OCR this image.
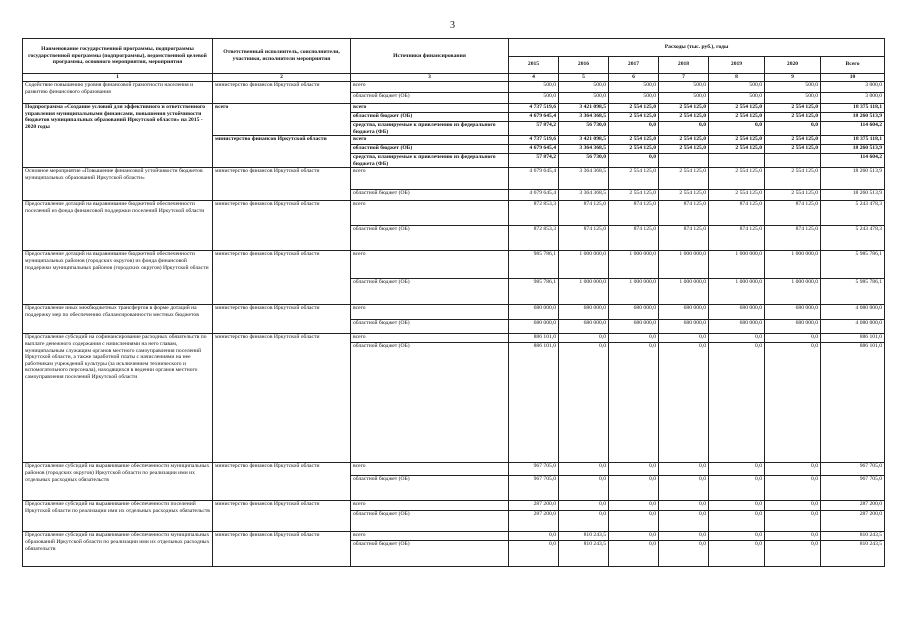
3
Наименование государственной программы, подпрограммы государственной программы (подпрограммы), ведомственной целевой программы, основного мероприятия, мероприятия	Ответственный исполнитель, соисполнители, участники, исполнители мероприятия	Источники финансирования	Расходы (тыс. руб.), годы						
			2015	2016	2017	2018	2019	2020	Всего
1	2	3	4	5	6	7	8	9	10
Содействие повышению уровня финансовой грамотности населения и развитию финансового образования	министерство финансов Иркутской области	всего	500,0	500,0	500,0	500,0	500,0	500,0	3 000,0
		областной бюджет (ОБ)	500,0	500,0	500,0	500,0	500,0	500,0	3 000,0
Подпрограмма «Создание условий для эффективного и ответственного управления муниципальными финансами, повышения устойчивости бюджетов муниципальных образований Иркутской области» на 2015 - 2020 годы	всего	всего	4 737 519,6	3 421 098,5	2 554 125,0	2 554 125,0	2 554 125,0	2 554 125,0	18 375 118,1
		областной бюджет (ОБ)	4 679 645,4	3 364 368,5	2 554 125,0	2 554 125,0	2 554 125,0	2 554 125,0	18 260 513,9
		средства, планируемые к привлечению из федерального бюджета (ФБ)	57 874,2	56 730,0	0,0	0,0	0,0	0,0	114 604,2
	министерство финансов Иркутской области	всего	4 737 519,6	3 421 098,5	2 554 125,0	2 554 125,0	2 554 125,0	2 554 125,0	18 375 118,1
		областной бюджет (ОБ)	4 679 645,4	3 364 368,5	2 554 125,0	2 554 125,0	2 554 125,0	2 554 125,0	18 260 513,9
		средства, планируемые к привлечению из федерального бюджета (ФБ)	57 874,2	56 730,0	0,0				114 604,2
Основное мероприятие «Повышение финансовой устойчивости бюджетов муниципальных образований Иркутской области»	министерство финансов Иркутской области	всего	4 679 645,4	3 364 368,5	2 554 125,0	2 554 125,0	2 554 125,0	2 554 125,0	18 260 513,9
		областной бюджет (ОБ)	4 679 645,4	3 364 368,5	2 554 125,0	2 554 125,0	2 554 125,0	2 554 125,0	18 260 513,9
Предоставление дотаций на выравнивание бюджетной обеспеченности поселений из фонда финансовой поддержки поселений Иркутской области	министерство финансов Иркутской области	всего	872 853,3	874 125,0	874 125,0	874 125,0	874 125,0	874 125,0	5 243 478,3
		областной бюджет (ОБ)	872 853,3	874 125,0	874 125,0	874 125,0	874 125,0	874 125,0	5 243 478,3
Предоставление дотаций на выравнивание бюджетной обеспеченности муниципальных районов (городских округов) из фонда финансовой поддержки муниципальных районов (городских округов) Иркутской области	министерство финансов Иркутской области	всего	985 786,1	1 000 000,0	1 000 000,0	1 000 000,0	1 000 000,0	1 000 000,0	5 985 786,1
		областной бюджет (ОБ)	985 786,1	1 000 000,0	1 000 000,0	1 000 000,0	1 000 000,0	1 000 000,0	5 985 786,1
Предоставление иных межбюджетных трансфертов в форме дотаций на поддержку мер по обеспечению сбалансированности местных бюджетов	министерство финансов Иркутской области	всего	680 000,0	680 000,0	680 000,0	680 000,0	680 000,0	680 000,0	4 080 000,0
		областной бюджет (ОБ)	680 000,0	680 000,0	680 000,0	680 000,0	680 000,0	680 000,0	4 080 000,0
Предоставление субсидий на софинансирование расходных обязательств по выплате денежного содержания с начислениями на него главам, муниципальным служащим органов местного самоуправления поселений Иркутской области, а также заработной платы с начислениями на нее работникам учреждений культуры (за исключением технического и вспомогательного персонала), находящихся в ведении органов местного самоуправления поселений Иркутской области	министерство финансов Иркутской области	всего	886 101,0	0,0	0,0	0,0	0,0	0,0	886 101,0
		областной бюджет (ОБ)	886 101,0	0,0	0,0	0,0	0,0	0,0	886 101,0
Предоставление субсидий на выравнивание обеспеченности муниципальных районов (городских округов) Иркутской области по реализации ими их отдельных расходных обязательств	министерство финансов Иркутской области	всего	967 705,0	0,0	0,0	0,0	0,0	0,0	967 705,0
		областной бюджет (ОБ)	967 705,0	0,0	0,0	0,0	0,0	0,0	967 705,0
Предоставление субсидий на выравнивание обеспеченности поселений Иркутской области по реализации ими их отдельных расходных обязательств	министерство финансов Иркутской области	всего	287 200,0	0,0	0,0	0,0	0,0	0,0	287 200,0
		областной бюджет (ОБ)	287 200,0	0,0	0,0	0,0	0,0	0,0	287 200,0
Предоставление субсидий на выравнивание обеспеченности муниципальных образований Иркутской области по реализации ими их отдельных расходных обязательств	министерство финансов Иркутской области	всего	0,0	810 243,5	0,0	0,0	0,0	0,0	810 243,5
		областной бюджет (ОБ)	0,0	810 243,5	0,0	0,0	0,0	0,0	810 243,5
